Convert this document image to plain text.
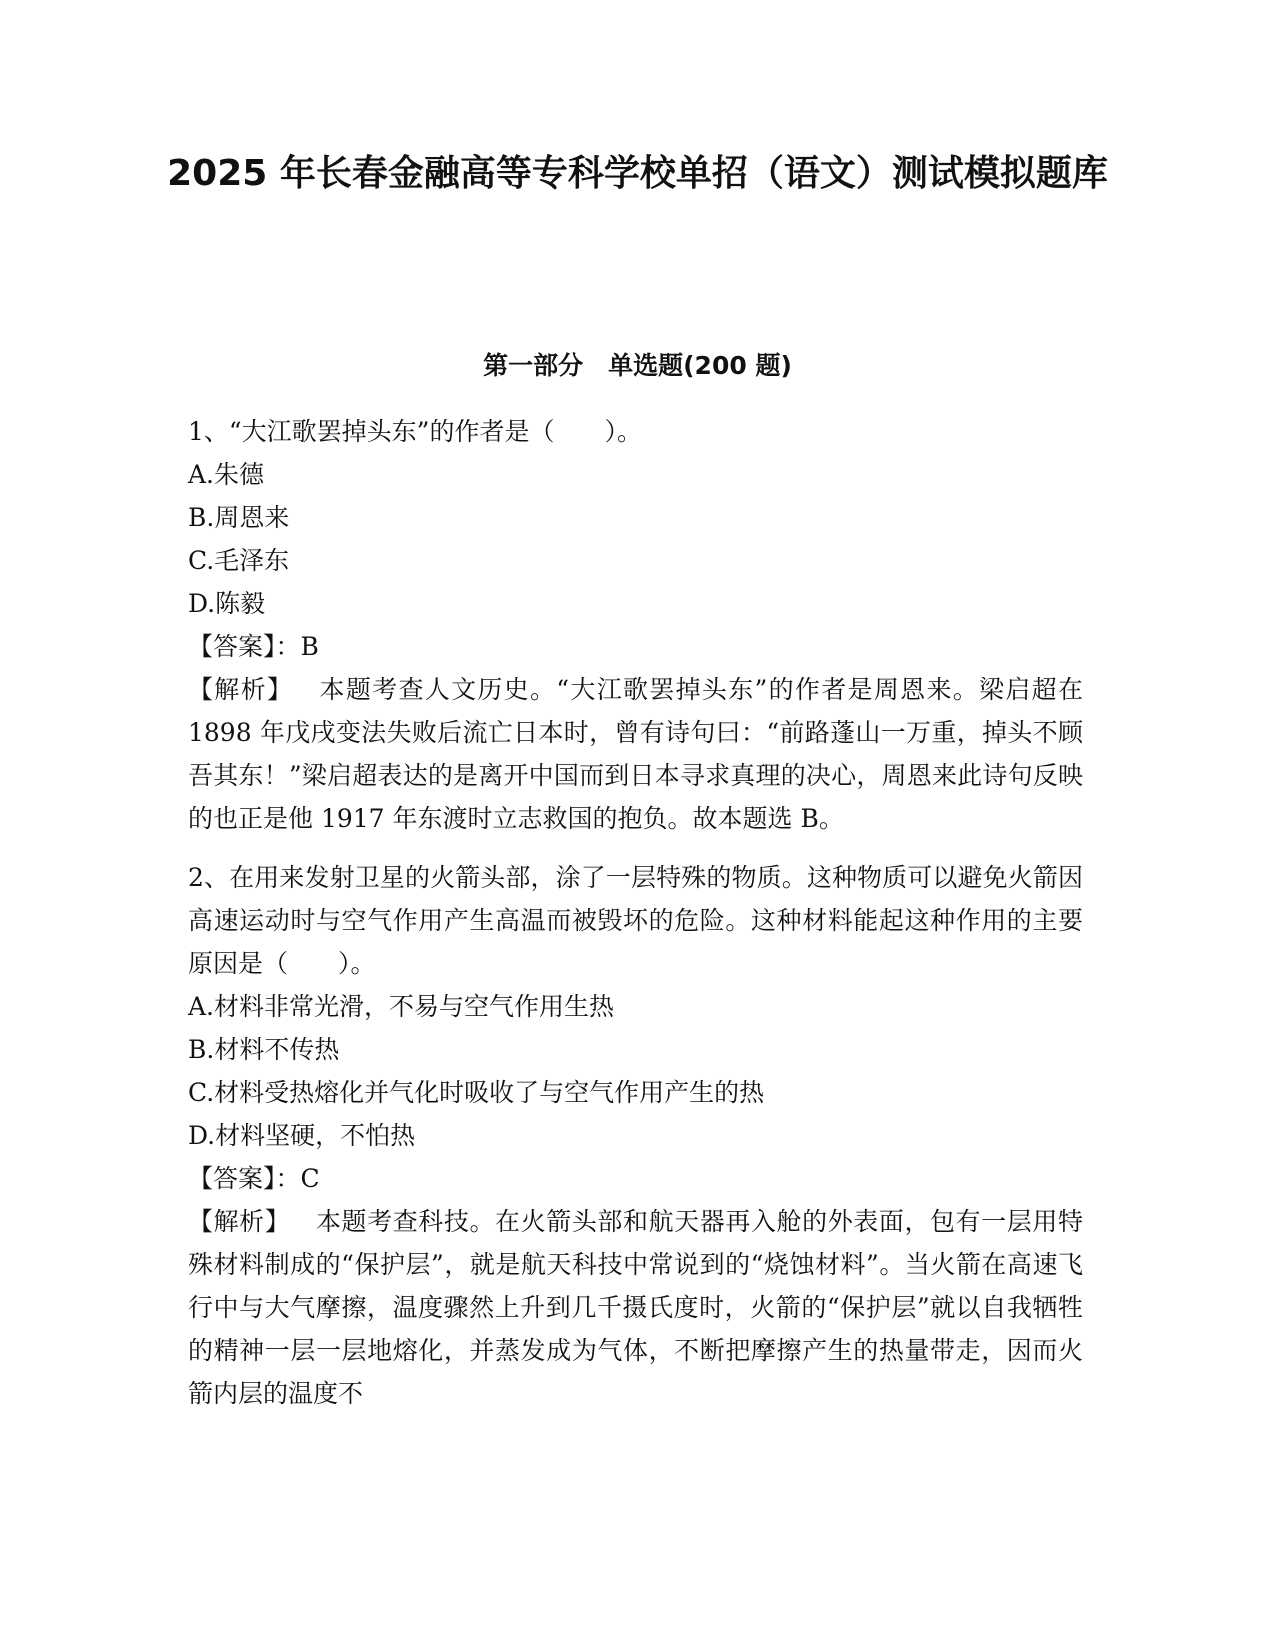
2025 年长春金融高等专科学校单招（语文）测试模拟题库
第一部分　单选题(200 题)

1、“大江歌罢掉头东”的作者是（　　）。

A.朱德

B.周恩来

C.毛泽东

D.陈毅

【答案】：B

【解析】  本题考查人文历史。“大江歌罢掉头东”的作者是周恩来。梁启超在 1898 年戊戌变法失败后流亡日本时，曾有诗句曰：“前路蓬山一万重，掉头不顾吾其东！”梁启超表达的是离开中国而到日本寻求真理的决心，周恩来此诗句反映的也正是他 1917 年东渡时立志救国的抱负。故本题选 B。

2、在用来发射卫星的火箭头部，涂了一层特殊的物质。这种物质可以避免火箭因高速运动时与空气作用产生高温而被毁坏的危险。这种材料能起这种作用的主要原因是（　　）。

A.材料非常光滑，不易与空气作用生热

B.材料不传热

C.材料受热熔化并气化时吸收了与空气作用产生的热

D.材料坚硬，不怕热

【答案】：C

【解析】  本题考查科技。在火箭头部和航天器再入舱的外表面，包有一层用特殊材料制成的“保护层”，就是航天科技中常说到的“烧蚀材料”。当火箭在高速飞行中与大气摩擦，温度骤然上升到几千摄氏度时，火箭的“保护层”就以自我牺牲的精神一层一层地熔化，并蒸发成为气体，不断把摩擦产生的热量带走，因而火箭内层的温度不
